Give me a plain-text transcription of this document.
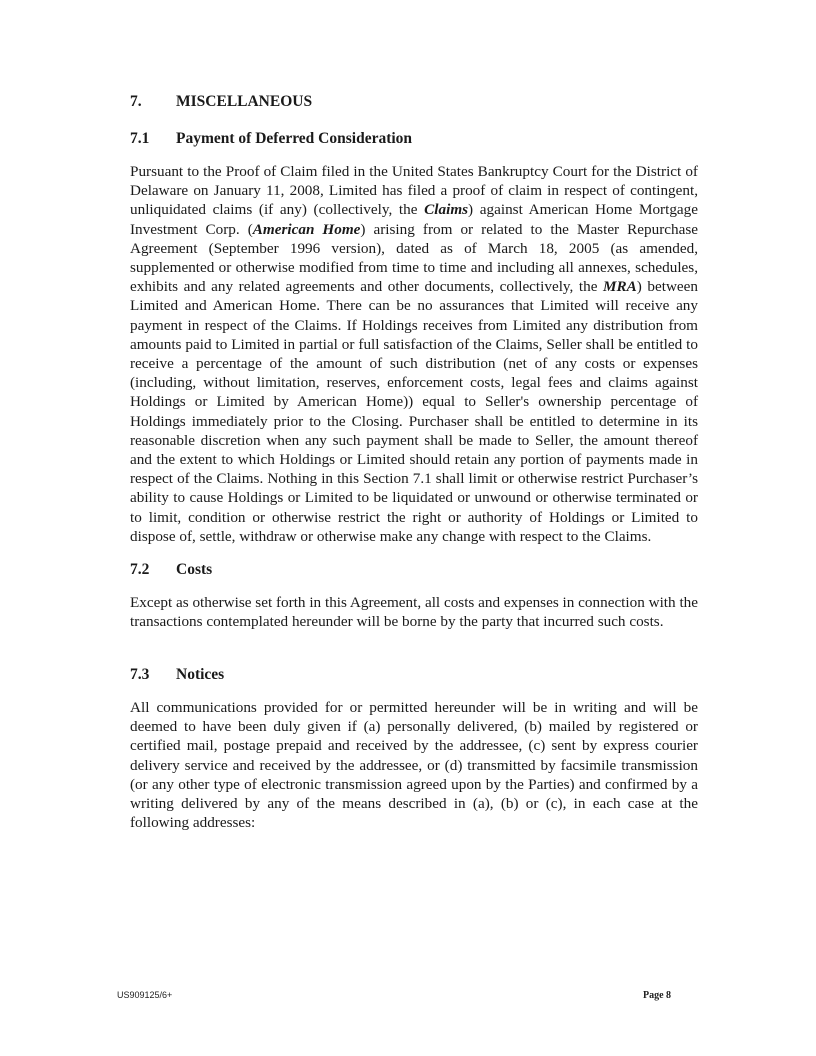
7. MISCELLANEOUS
7.1 Payment of Deferred Consideration

Pursuant to the Proof of Claim filed in the United States Bankruptcy Court for the District of Delaware on January 11, 2008, Limited has filed a proof of claim in respect of contingent, unliquidated claims (if any) (collectively, the Claims) against American Home Mortgage Investment Corp. (American Home) arising from or related to the Master Repurchase Agreement (September 1996 version), dated as of March 18, 2005 (as amended, supplemented or otherwise modified from time to time and including all annexes, schedules, exhibits and any related agreements and other documents, collectively, the MRA) between Limited and American Home. There can be no assurances that Limited will receive any payment in respect of the Claims. If Holdings receives from Limited any distribution from amounts paid to Limited in partial or full satisfaction of the Claims, Seller shall be entitled to receive a percentage of the amount of such distribution (net of any costs or expenses (including, without limitation, reserves, enforcement costs, legal fees and claims against Holdings or Limited by American Home)) equal to Seller's ownership percentage of Holdings immediately prior to the Closing. Purchaser shall be entitled to determine in its reasonable discretion when any such payment shall be made to Seller, the amount thereof and the extent to which Holdings or Limited should retain any portion of payments made in respect of the Claims. Nothing in this Section 7.1 shall limit or otherwise restrict Purchaser’s ability to cause Holdings or Limited to be liquidated or unwound or otherwise terminated or to limit, condition or otherwise restrict the right or authority of Holdings or Limited to dispose of, settle, withdraw or otherwise make any change with respect to the Claims.

7.2 Costs

Except as otherwise set forth in this Agreement, all costs and expenses in connection with the transactions contemplated hereunder will be borne by the party that incurred such costs.

7.3 Notices

All communications provided for or permitted hereunder will be in writing and will be deemed to have been duly given if (a) personally delivered, (b) mailed by registered or certified mail, postage prepaid and received by the addressee, (c) sent by express courier delivery service and received by the addressee, or (d) transmitted by facsimile transmission (or any other type of electronic transmission agreed upon by the Parties) and confirmed by a writing delivered by any of the means described in (a), (b) or (c), in each case at the following addresses:

US909125/6+	Page 8
